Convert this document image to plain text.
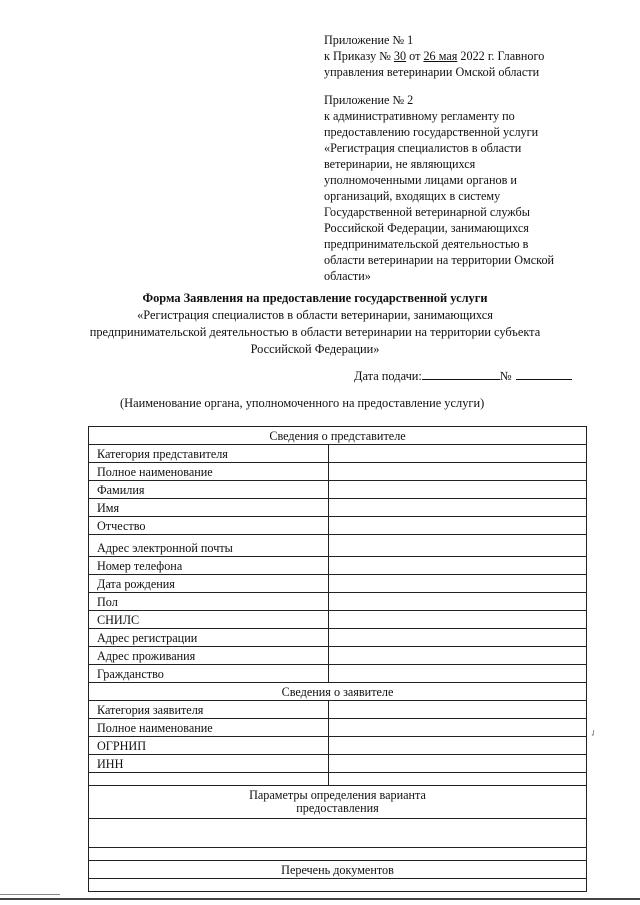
Приложение № 1
к Приказу № 30 от 26 мая 2022 г. Главного
управления ветеринарии Омской области
Приложение № 2
к административному регламенту по
предоставлению государственной услуги
«Регистрация специалистов в области
ветеринарии, не являющихся
уполномоченными лицами органов и
организаций, входящих в систему
Государственной ветеринарной службы
Российской Федерации, занимающихся
предпринимательской деятельностью в
области ветеринарии на территории Омской
области»
Форма Заявления на предоставление государственной услуги
«Регистрация специалистов в области ветеринарии, занимающихся
предпринимательской деятельностью в области ветеринарии на территории субъекта
Российской Федерации»
Дата подачи:	№
(Наименование органа, уполномоченного на предоставление услуги)
Сведения о представителе	
Категория представителя	
Полное наименование	
Фамилия	
Имя	
Отчество	
Адрес электронной почты	
Номер телефона	
Дата рождения	
Пол	
СНИЛС	
Адрес регистрации	
Адрес проживания	
Гражданство	
Сведения о заявителе	
Категория заявителя	
Полное наименование	
ОГРНИП	
ИНН	

Параметры определения варианта
предоставления	

Перечень документов	

✓
